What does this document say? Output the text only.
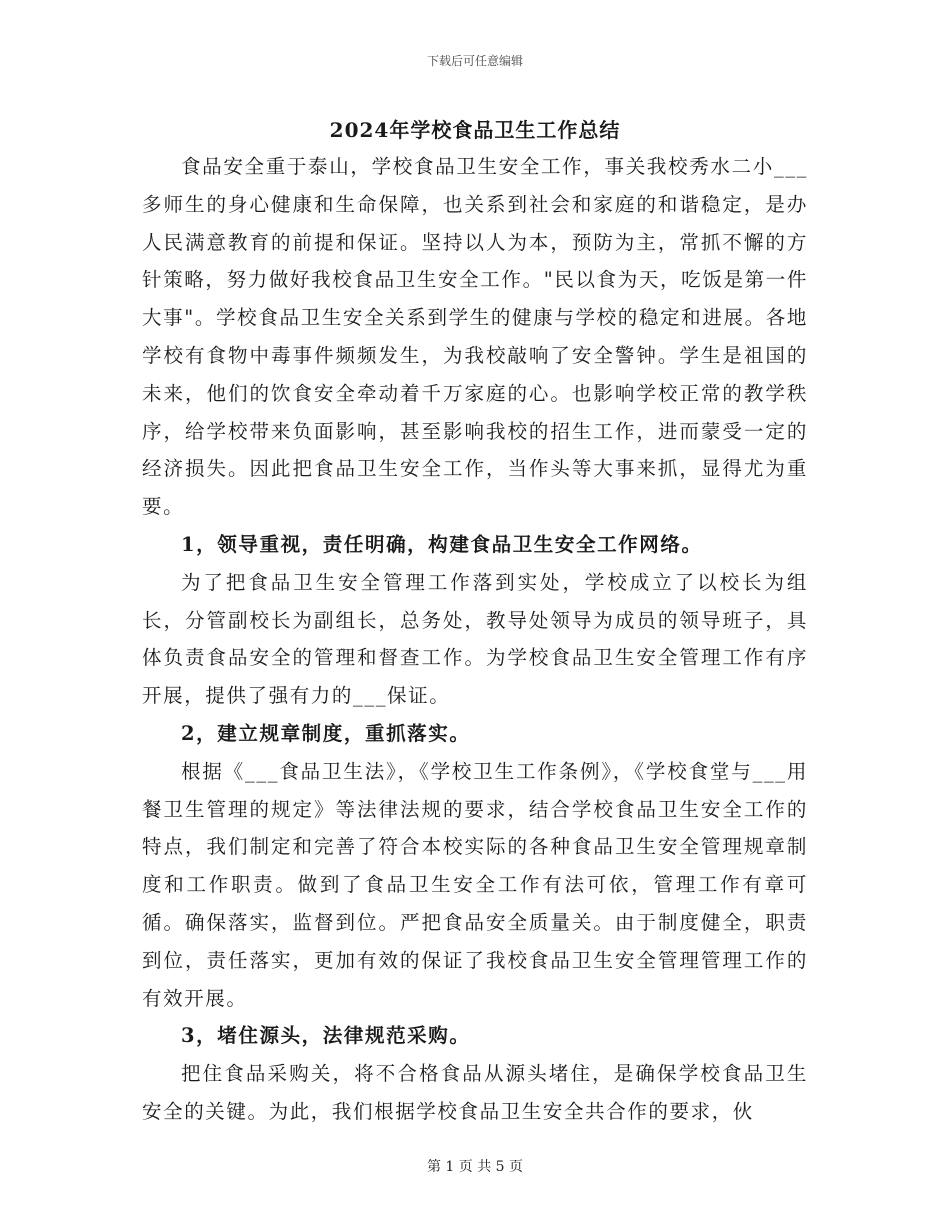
下载后可任意编辑
2024年学校食品卫生工作总结

食品安全重于泰山，学校食品卫生安全工作，事关我校秀水二小___多师生的身心健康和生命保障，也关系到社会和家庭的和谐稳定，是办人民满意教育的前提和保证。坚持以人为本，预防为主，常抓不懈的方针策略，努力做好我校食品卫生安全工作。"民以食为天，吃饭是第一件大事"。学校食品卫生安全关系到学生的健康与学校的稳定和进展。各地学校有食物中毒事件频频发生，为我校敲响了安全警钟。学生是祖国的未来，他们的饮食安全牵动着千万家庭的心。也影响学校正常的教学秩序，给学校带来负面影响，甚至影响我校的招生工作，进而蒙受一定的经济损失。因此把食品卫生安全工作，当作头等大事来抓，显得尤为重要。

1，领导重视，责任明确，构建食品卫生安全工作网络。

为了把食品卫生安全管理工作落到实处，学校成立了以校长为组长，分管副校长为副组长，总务处，教导处领导为成员的领导班子，具体负责食品安全的管理和督查工作。为学校食品卫生安全管理工作有序开展，提供了强有力的___保证。

2，建立规章制度，重抓落实。

根据《___食品卫生法》，《学校卫生工作条例》，《学校食堂与___用餐卫生管理的规定》等法律法规的要求，结合学校食品卫生安全工作的特点，我们制定和完善了符合本校实际的各种食品卫生安全管理规章制度和工作职责。做到了食品卫生安全工作有法可依，管理工作有章可循。确保落实，监督到位。严把食品安全质量关。由于制度健全，职责到位，责任落实，更加有效的保证了我校食品卫生安全管理管理工作的有效开展。

3，堵住源头，法律规范采购。

把住食品采购关，将不合格食品从源头堵住，是确保学校食品卫生安全的关键。为此，我们根据学校食品卫生安全共合作的要求，伙

第 1 页 共 5 页
